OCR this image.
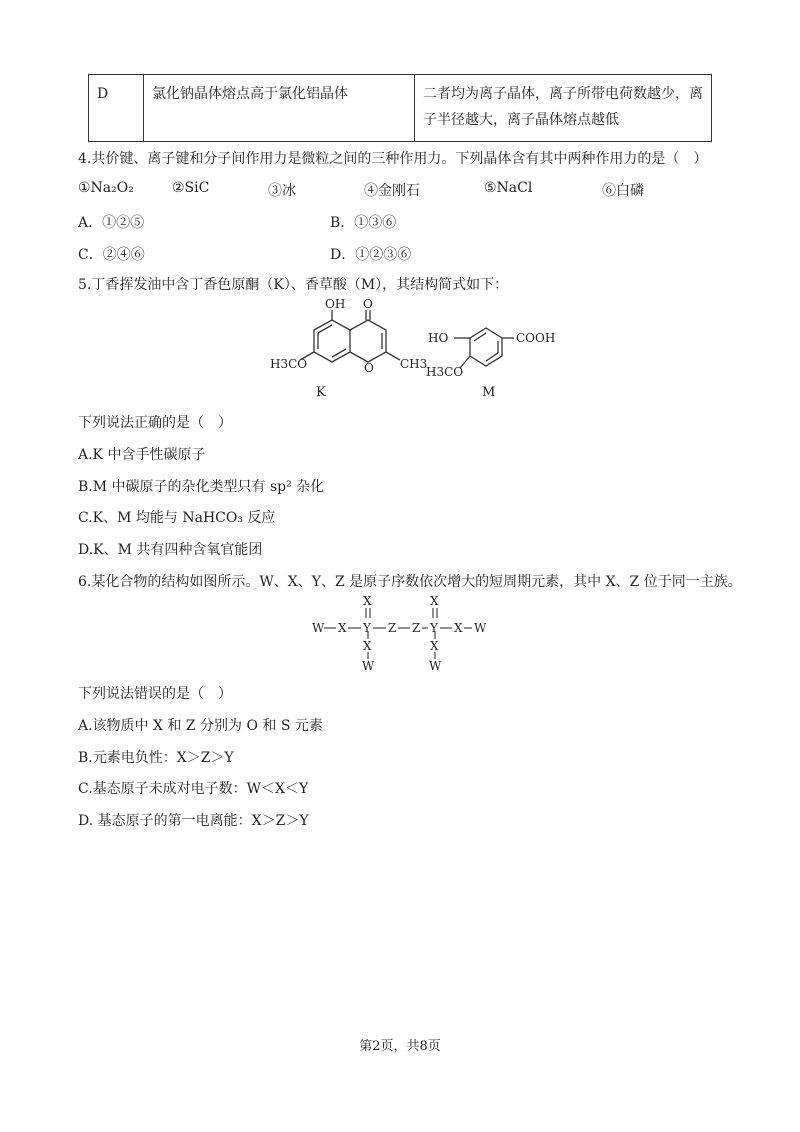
D	氯化钠晶体熔点高于氯化铝晶体	二者均为离子晶体，离子所带电荷数越少，离
子半径越大，离子晶体熔点越低
4.共价键、离子键和分子间作用力是微粒之间的三种作用力。下列晶体含有其中两种作用力的是（　）
①Na₂O₂	②SiC	③冰	④金刚石	⑤NaCl	⑥白磷
A．①②⑤	B．①③⑥
C．②④⑥	D．①②③⑥
5.丁香挥发油中含丁香色原酮（K）、香草酸（M），其结构简式如下：
OH O
H3CO	O CH3
K
HO	COOH
H3CO
M
下列说法正确的是（　）
A.K 中含手性碳原子
B.M 中碳原子的杂化类型只有 sp² 杂化
C.K、M 均能与 NaHCO₃ 反应
D.K、M 共有四种含氧官能团
6.某化合物的结构如图所示。W、X、Y、Z 是原子序数依次增大的短周期元素，其中 X、Z 位于同一主族。
W X Y Z Z Y X W
X	X
X	X
W	W
下列说法错误的是（　）
A.该物质中 X 和 Z 分别为 O 和 S 元素
B.元素电负性：X＞Z＞Y
C.基态原子未成对电子数：W＜X＜Y
D. 基态原子的第一电离能：X＞Z＞Y
第2页，共8页
